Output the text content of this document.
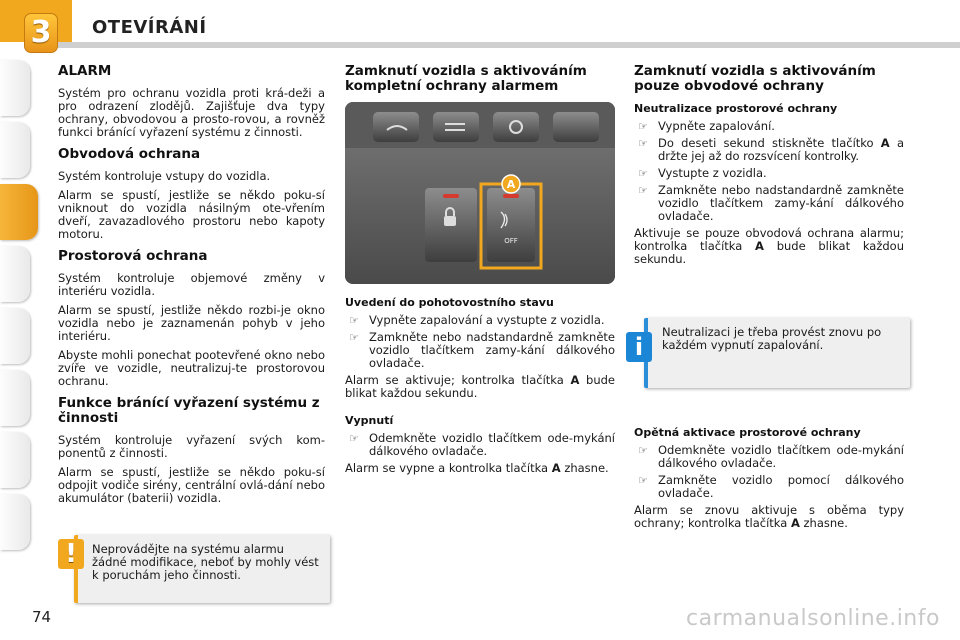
3	OTEVÍRÁNÍ
ALARM

Systém pro ochranu vozidla proti krá-deži a pro odrazení zlodějů. Zajišťuje dva typy ochrany, obvodovou a prosto-rovou, a rovněž funkci bránící vyřazení systému z činnosti.

Obvodová ochrana

Systém kontroluje vstupy do vozidla.

Alarm se spustí, jestliže se někdo poku-sí vniknout do vozidla násilným ote-vřením dveří, zavazadlového prostoru nebo kapoty motoru.

Prostorová ochrana

Systém kontroluje objemové změny v interiéru vozidla.

Alarm se spustí, jestliže někdo rozbi-je okno vozidla nebo je zaznamenán pohyb v jeho interiéru.

Abyste mohli ponechat pootevřené okno nebo zvíře ve vozidle, neutralizuj-te prostorovou ochranu.

Funkce bránící vyřazení systému z činnosti

Systém kontroluje vyřazení svých kom-ponentů z činnosti.

Alarm se spustí, jestliže se někdo poku-sí odpojit vodiče sirény, centrální ovlá-dání nebo akumulátor (baterii) vozidla.

Neprovádějte na systému alarmu žádné modifikace, neboť by mohly vést k poruchám jeho činnosti.
!
Zamknutí vozidla s aktivováním kompletní ochrany alarmem
OFF
A
Uvedení do pohotovostního stavu
☞ Vypněte zapalování a vystupte z vozidla.
☞ Zamkněte nebo nadstandardně zamkněte vozidlo tlačítkem zamy-kání dálkového ovladače.

Alarm se aktivuje; kontrolka tlačítka A bude blikat každou sekundu.

Vypnutí
☞ Odemkněte vozidlo tlačítkem ode-mykání dálkového ovladače.

Alarm se vypne a kontrolka tlačítka A zhasne.

Zamknutí vozidla s aktivováním pouze obvodové ochrany
Neutralizace prostorové ochrany
☞ Vypněte zapalování.
☞ Do deseti sekund stiskněte tlačítko A a držte jej až do rozsvícení kontrolky.
☞ Vystupte z vozidla.
☞ Zamkněte nebo nadstandardně zamkněte vozidlo tlačítkem zamy-kání dálkového ovladače.

Aktivuje se pouze obvodová ochrana alarmu; kontrolka tlačítka A bude blikat každou sekundu.

Neutralizaci je třeba provést znovu po každém vypnutí zapalování.
i
Opětná aktivace prostorové ochrany
☞ Odemkněte vozidlo tlačítkem ode-mykání dálkového ovladače.
☞ Zamkněte vozidlo pomocí dálkového ovladače.

Alarm se znovu aktivuje s oběma typy ochrany; kontrolka tlačítka A zhasne.

74	carmanualsonline.info
